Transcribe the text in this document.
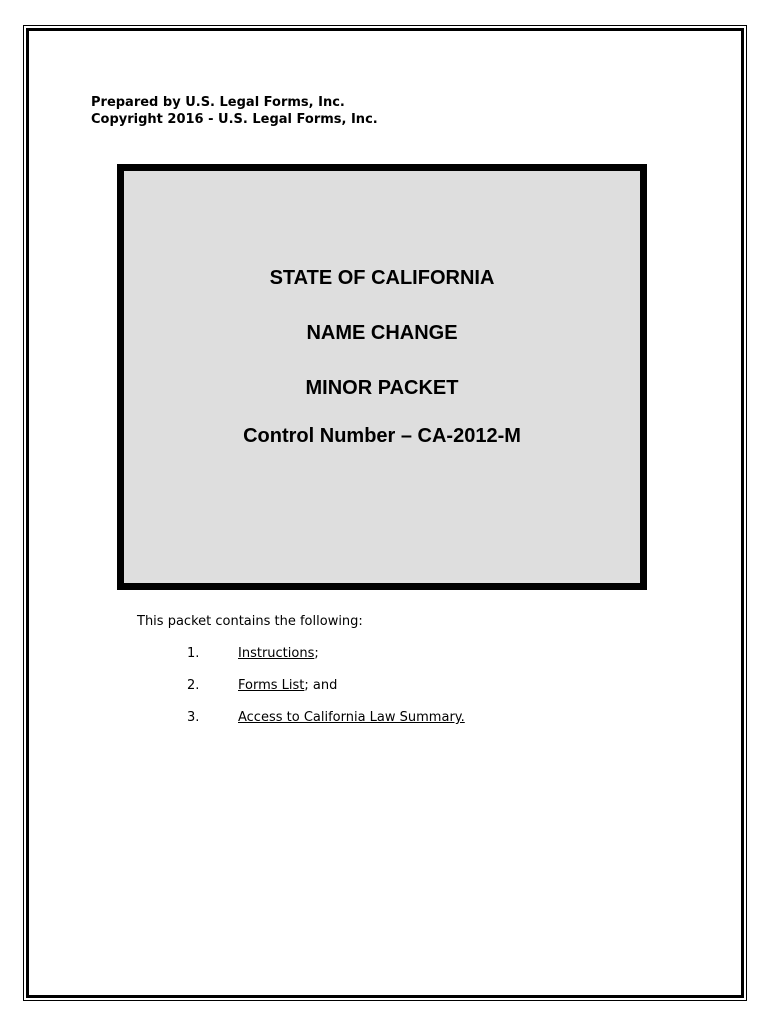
Prepared by U.S. Legal Forms, Inc.
Copyright 2016 - U.S. Legal Forms, Inc.
STATE OF CALIFORNIA
NAME CHANGE
MINOR PACKET
Control Number – CA-2012-M
This packet contains the following:
1.	Instructions;
2.	Forms List; and
3.	Access to California Law Summary.
